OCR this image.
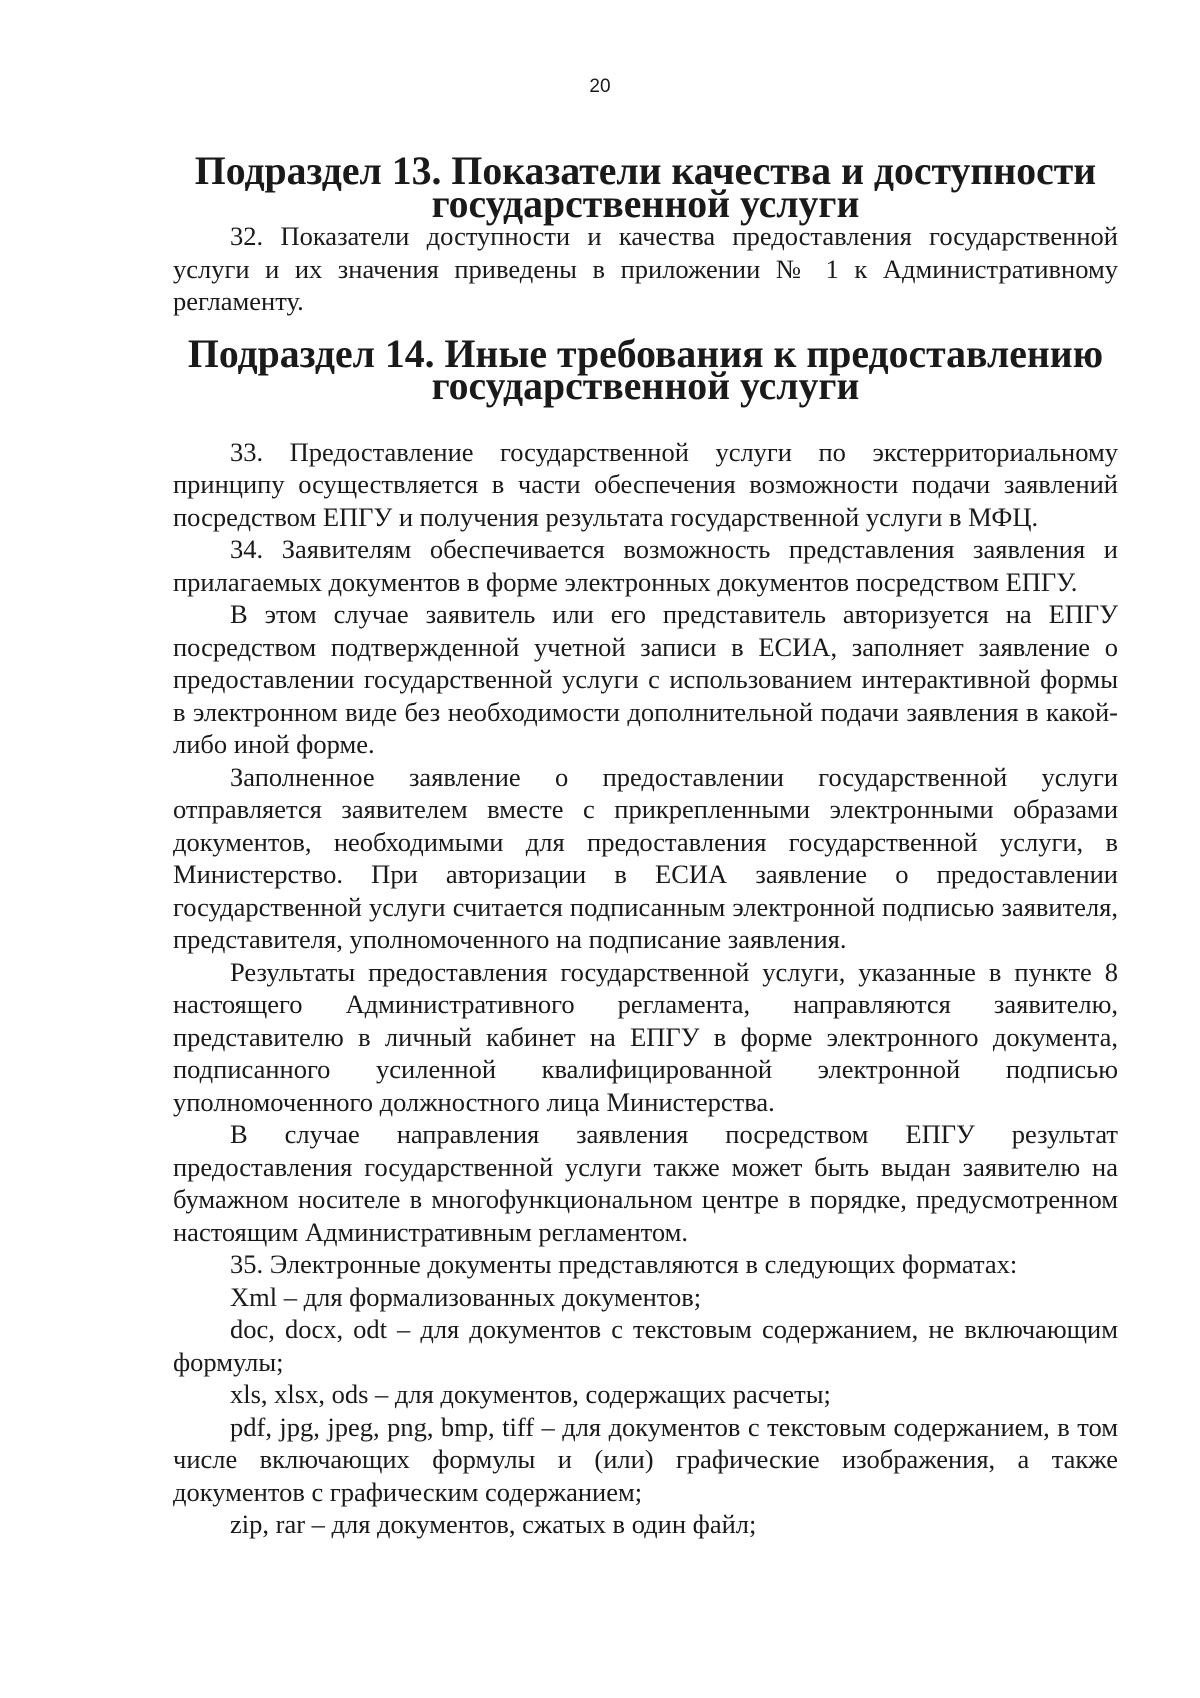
20
Подраздел 13. Показатели качества и доступности государственной услуги

32. Показатели доступности и качества предоставления государственной услуги и их значения приведены в приложении № 1 к Административному регламенту.

Подраздел 14. Иные требования к предоставлению государственной услуги

33. Предоставление государственной услуги по экстерриториальному принципу осуществляется в части обеспечения возможности подачи заявлений посредством ЕПГУ и получения результата государственной услуги в МФЦ.

34. Заявителям обеспечивается возможность представления заявления и прилагаемых документов в форме электронных документов посредством ЕПГУ.

В этом случае заявитель или его представитель авторизуется на ЕПГУ посредством подтвержденной учетной записи в ЕСИА, заполняет заявление о предоставлении государственной услуги с использованием интерактивной формы в электронном виде без необходимости дополнительной подачи заявления в какой-либо иной форме.

Заполненное заявление о предоставлении государственной услуги отправляется заявителем вместе с прикрепленными электронными образами документов, необходимыми для предоставления государственной услуги, в Министерство. При авторизации в ЕСИА заявление о предоставлении государственной услуги считается подписанным электронной подписью заявителя, представителя, уполномоченного на подписание заявления.

Результаты предоставления государственной услуги, указанные в пункте 8 настоящего Административного регламента, направляются заявителю, представителю в личный кабинет на ЕПГУ в форме электронного документа, подписанного усиленной квалифицированной электронной подписью уполномоченного должностного лица Министерства.

В случае направления заявления посредством ЕПГУ результат предоставления государственной услуги также может быть выдан заявителю на бумажном носителе в многофункциональном центре в порядке, предусмотренном настоящим Административным регламентом.

35. Электронные документы представляются в следующих форматах:

Xml – для формализованных документов;

doc, docx, odt – для документов с текстовым содержанием, не включающим формулы;

xls, xlsx, ods – для документов, содержащих расчеты;

pdf, jpg, jpeg, png, bmp, tiff – для документов с текстовым содержанием, в том числе включающих формулы и (или) графические изображения, а также документов с графическим содержанием;

zip, rar – для документов, сжатых в один файл;
